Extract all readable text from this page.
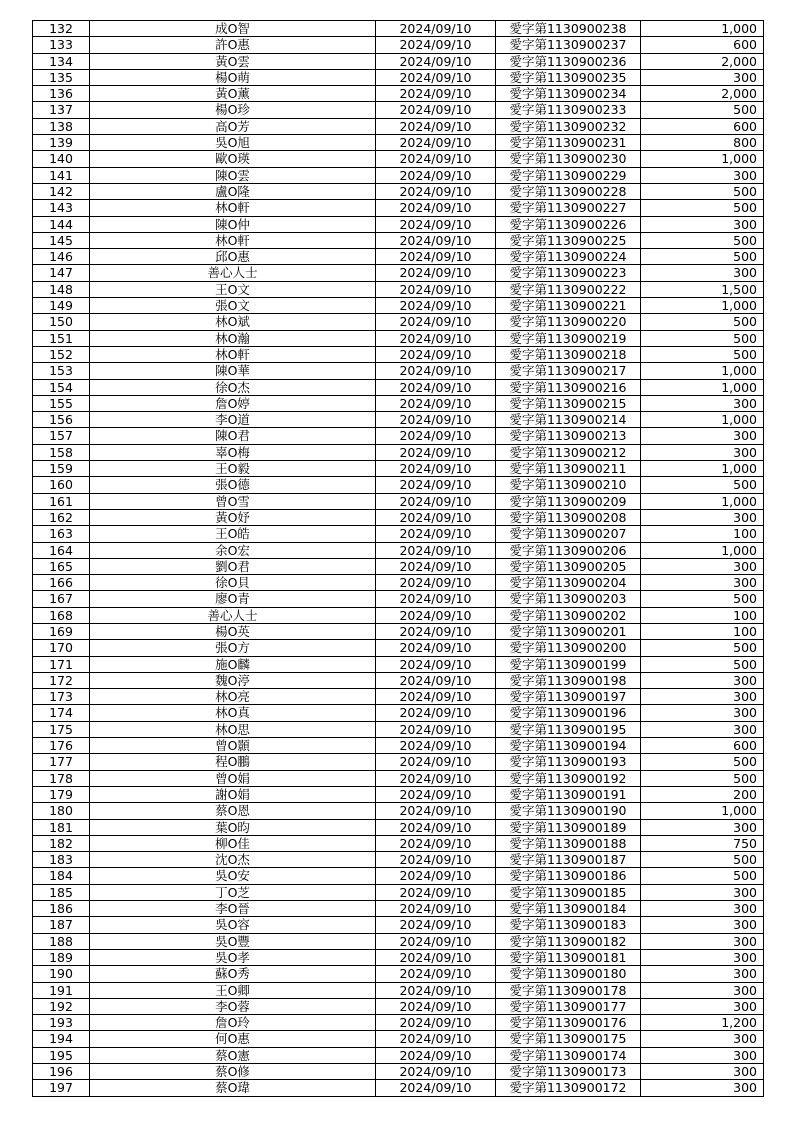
132	成O智	2024/09/10	愛字第1130900238	1,000
133	許O惠	2024/09/10	愛字第1130900237	600
134	黃O雲	2024/09/10	愛字第1130900236	2,000
135	楊O萌	2024/09/10	愛字第1130900235	300
136	黃O薰	2024/09/10	愛字第1130900234	2,000
137	楊O珍	2024/09/10	愛字第1130900233	500
138	高O芳	2024/09/10	愛字第1130900232	600
139	吳O旭	2024/09/10	愛字第1130900231	800
140	歐O瑛	2024/09/10	愛字第1130900230	1,000
141	陳O雲	2024/09/10	愛字第1130900229	300
142	盧O隆	2024/09/10	愛字第1130900228	500
143	林O軒	2024/09/10	愛字第1130900227	500
144	陳O仲	2024/09/10	愛字第1130900226	300
145	林O軒	2024/09/10	愛字第1130900225	500
146	邱O惠	2024/09/10	愛字第1130900224	500
147	善心人士	2024/09/10	愛字第1130900223	300
148	王O文	2024/09/10	愛字第1130900222	1,500
149	張O文	2024/09/10	愛字第1130900221	1,000
150	林O斌	2024/09/10	愛字第1130900220	500
151	林O瀚	2024/09/10	愛字第1130900219	500
152	林O軒	2024/09/10	愛字第1130900218	500
153	陳O華	2024/09/10	愛字第1130900217	1,000
154	徐O杰	2024/09/10	愛字第1130900216	1,000
155	詹O婷	2024/09/10	愛字第1130900215	300
156	李O道	2024/09/10	愛字第1130900214	1,000
157	陳O君	2024/09/10	愛字第1130900213	300
158	辜O梅	2024/09/10	愛字第1130900212	300
159	王O毅	2024/09/10	愛字第1130900211	1,000
160	張O德	2024/09/10	愛字第1130900210	500
161	曾O雪	2024/09/10	愛字第1130900209	1,000
162	黃O妤	2024/09/10	愛字第1130900208	300
163	王O皓	2024/09/10	愛字第1130900207	100
164	余O宏	2024/09/10	愛字第1130900206	1,000
165	劉O君	2024/09/10	愛字第1130900205	300
166	徐O貝	2024/09/10	愛字第1130900204	300
167	廖O青	2024/09/10	愛字第1130900203	500
168	善心人士	2024/09/10	愛字第1130900202	100
169	楊O英	2024/09/10	愛字第1130900201	100
170	張O方	2024/09/10	愛字第1130900200	500
171	施O麟	2024/09/10	愛字第1130900199	500
172	魏O渟	2024/09/10	愛字第1130900198	300
173	林O亮	2024/09/10	愛字第1130900197	300
174	林O真	2024/09/10	愛字第1130900196	300
175	林O思	2024/09/10	愛字第1130900195	300
176	曾O顥	2024/09/10	愛字第1130900194	600
177	程O鵬	2024/09/10	愛字第1130900193	500
178	曾O娟	2024/09/10	愛字第1130900192	500
179	謝O娟	2024/09/10	愛字第1130900191	200
180	蔡O恩	2024/09/10	愛字第1130900190	1,000
181	葉O昀	2024/09/10	愛字第1130900189	300
182	柳O佳	2024/09/10	愛字第1130900188	750
183	沈O杰	2024/09/10	愛字第1130900187	500
184	吳O安	2024/09/10	愛字第1130900186	500
185	丁O芝	2024/09/10	愛字第1130900185	300
186	李O晉	2024/09/10	愛字第1130900184	300
187	吳O容	2024/09/10	愛字第1130900183	300
188	吳O豐	2024/09/10	愛字第1130900182	300
189	吳O孝	2024/09/10	愛字第1130900181	300
190	蘇O秀	2024/09/10	愛字第1130900180	300
191	王O卿	2024/09/10	愛字第1130900178	300
192	李O蓉	2024/09/10	愛字第1130900177	300
193	詹O玲	2024/09/10	愛字第1130900176	1,200
194	何O惠	2024/09/10	愛字第1130900175	300
195	蔡O憲	2024/09/10	愛字第1130900174	300
196	蔡O修	2024/09/10	愛字第1130900173	300
197	蔡O瑋	2024/09/10	愛字第1130900172	300
